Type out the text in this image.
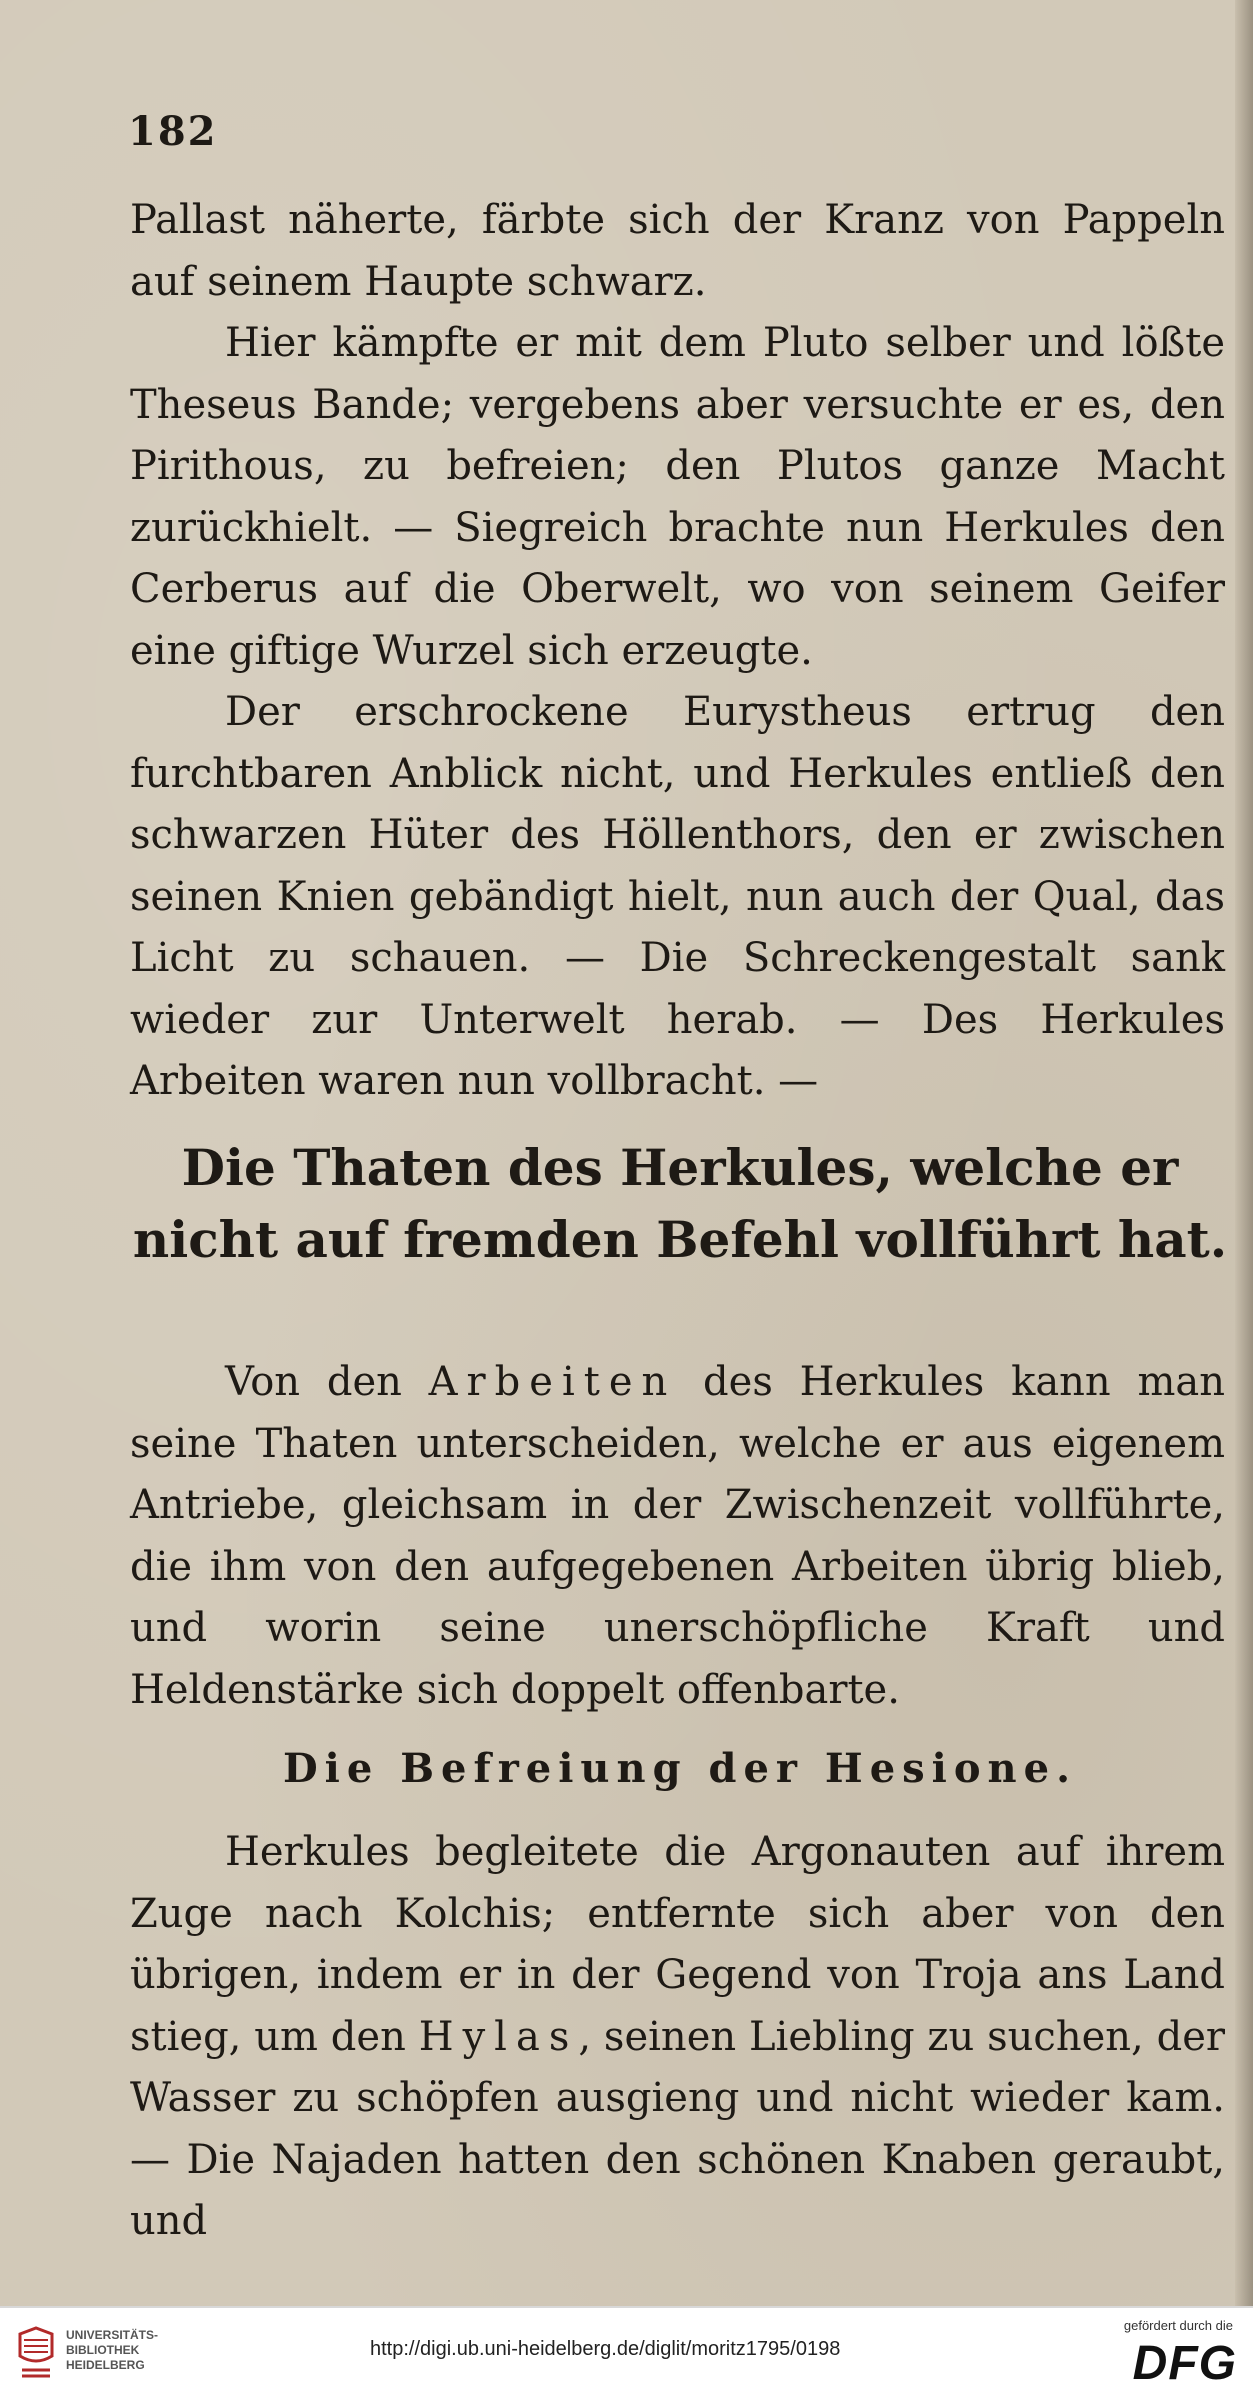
182

Pallast näherte, färbte sich der Kranz von Pappeln auf seinem Haupte schwarz.

Hier kämpfte er mit dem Pluto selber und lößte Theseus Bande; vergebens aber versuchte er es, den Pirithous, zu befreien; den Plutos ganze Macht zurückhielt. — Siegreich brachte nun Herkules den Cerberus auf die Oberwelt, wo von seinem Geifer eine giftige Wurzel sich erzeugte.

Der erschrockene Eurystheus ertrug den furchtbaren Anblick nicht, und Herkules entließ den schwarzen Hüter des Höllenthors, den er zwischen seinen Knien gebändigt hielt, nun auch der Qual, das Licht zu schauen. — Die Schreckengestalt sank wieder zur Unterwelt herab. — Des Herkules Arbeiten waren nun vollbracht. —

Die Thaten des Herkules, welche er nicht auf fremden Befehl vollführt hat.

Von den Arbeiten des Herkules kann man seine Thaten unterscheiden, welche er aus eigenem Antriebe, gleichsam in der Zwischenzeit vollführte, die ihm von den aufgegebenen Arbeiten übrig blieb, und worin seine unerschöpfliche Kraft und Heldenstärke sich doppelt offenbarte.

Die Befreiung der Hesione.

Herkules begleitete die Argonauten auf ihrem Zuge nach Kolchis; entfernte sich aber von den übrigen, indem er in der Gegend von Troja ans Land stieg, um den Hylas, seinen Liebling zu suchen, der Wasser zu schöpfen ausgieng und nicht wieder kam. — Die Najaden hatten den schönen Knaben geraubt, und

UNIVERSITÄTS-
BIBLIOTHEK
HEIDELBERG
http://digi.ub.uni-heidelberg.de/diglit/moritz1795/0198
gefördert durch die
DFG
